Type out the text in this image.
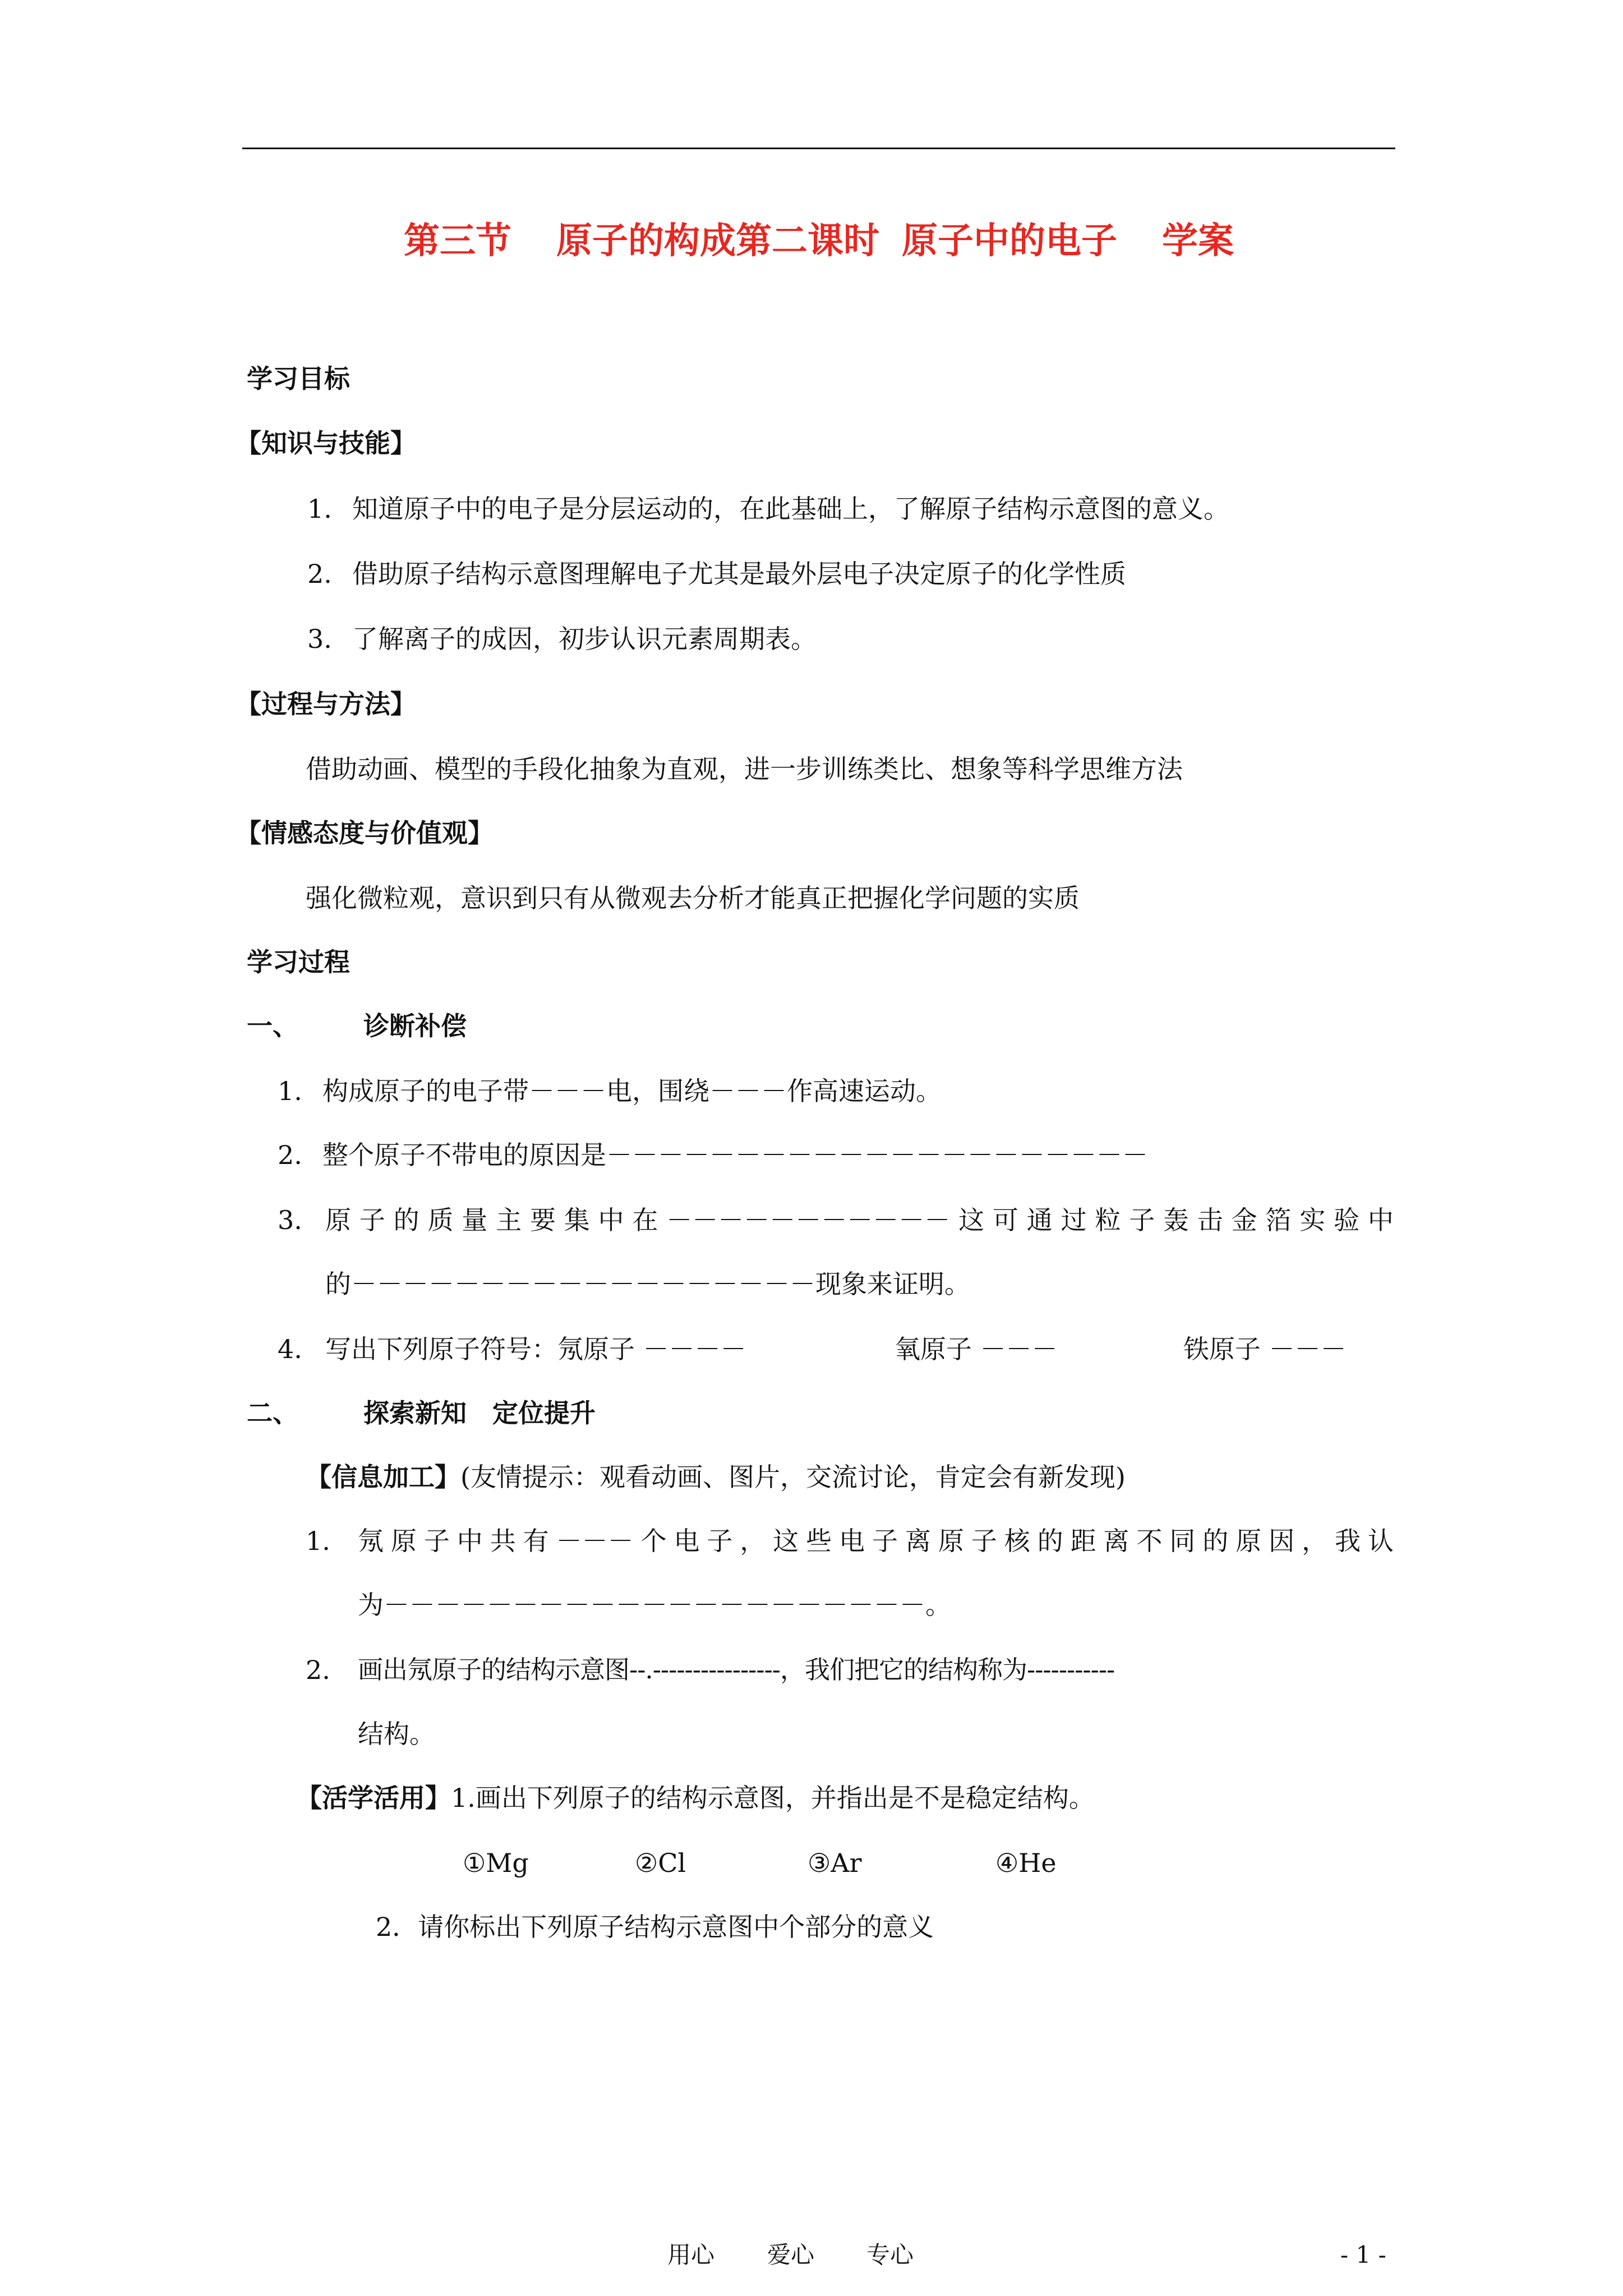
第三节 原子的构成第二课时 原子中的电子 学案
学习目标
【知识与技能】
1. 知道原子中的电子是分层运动的，在此基础上，了解原子结构示意图的意义。
2. 借助原子结构示意图理解电子尤其是最外层电子决定原子的化学性质
3. 了解离子的成因，初步认识元素周期表。
【过程与方法】
借助动画、模型的手段化抽象为直观，进一步训练类比、想象等科学思维方法
【情感态度与价值观】
强化微粒观，意识到只有从微观去分析才能真正把握化学问题的实质
学习过程
一、	诊断补偿
1. 构成原子的电子带－－－电，围绕－－－作高速运动。
2. 整个原子不带电的原因是－－－－－－－－－－－－－－－－－－－－－
3. 原子的质量主要集中在－－－－－－－－－－－这可通过粒子轰击金箔实验中
的－－－－－－－－－－－－－－－－－－现象来证明。
4. 写出下列原子符号：氖原子 －－－－	氧原子 －－－	铁原子 －－－
二、	探索新知　定位提升
【信息加工】(友情提示：观看动画、图片，交流讨论，肯定会有新发现)
1. 氖原子中共有－－－个电子，这些电子离原子核的距离不同的原因，我认
为－－－－－－－－－－－－－－－－－－－－－。
2. 画出氖原子的结构示意图--.----------------，我们把它的结构称为-----------
结构。
【活学活用】1.画出下列原子的结构示意图，并指出是不是稳定结构。
①Mg	②Cl	③Ar	④He
2．请你标出下列原子结构示意图中个部分的意义
用心 爱心 专心	- 1 -
